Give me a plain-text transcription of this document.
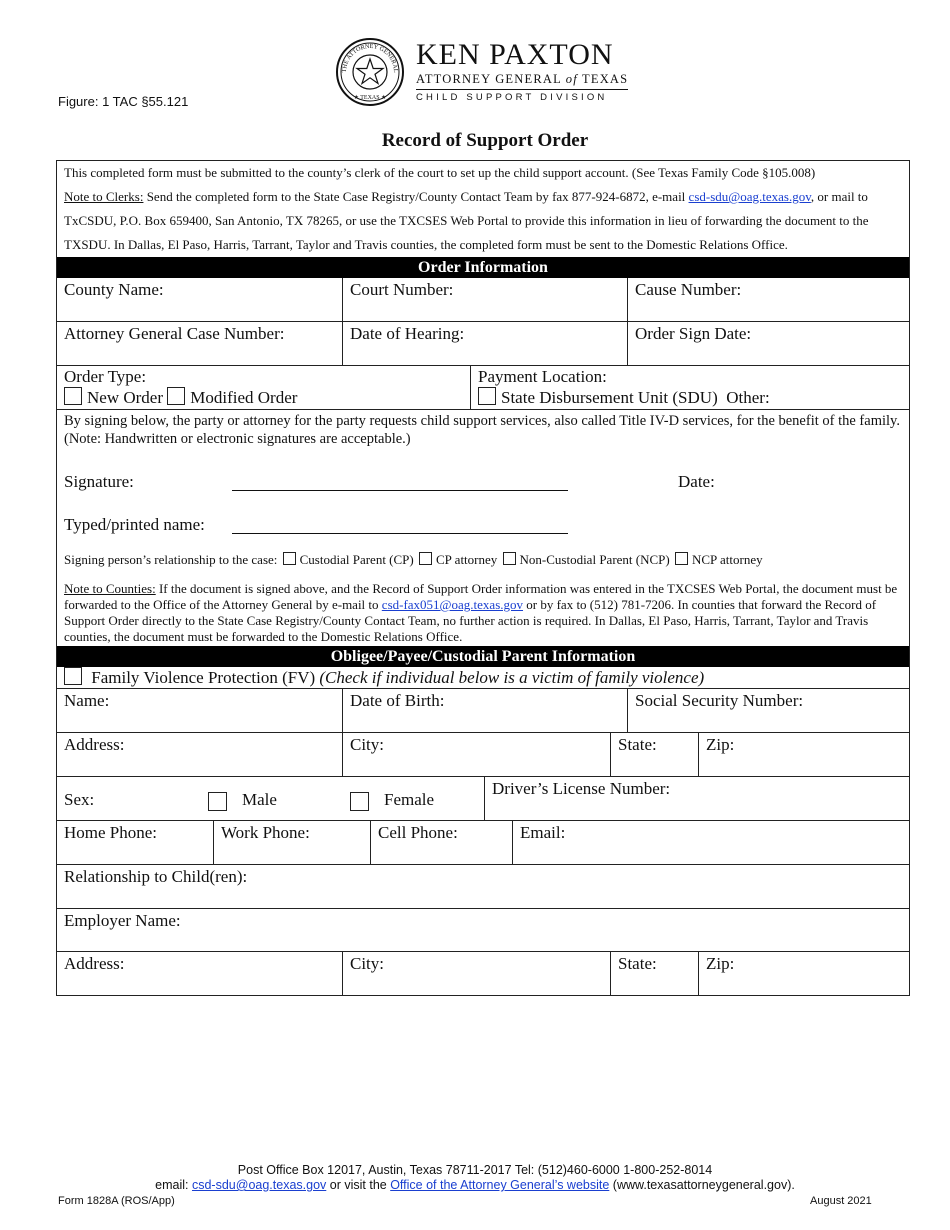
Figure: 1 TAC §55.121
THE ATTORNEY GENERAL
★ TEXAS ★
KEN PAXTON
ATTORNEY GENERAL of TEXAS
CHILD SUPPORT DIVISION
Record of Support Order
This completed form must be submitted to the county’s clerk of the court to set up the child support account. (See Texas Family Code §105.008)
Note to Clerks: Send the completed form to the State Case Registry/County Contact Team by fax 877-924-6872, e-mail csd-sdu@oag.texas.gov, or mail to TxCSDU, P.O. Box 659400, San Antonio, TX 78265, or use the TXCSES Web Portal to provide this information in lieu of forwarding the document to the TXSDU. In Dallas, El Paso, Harris, Tarrant, Taylor and Travis counties, the completed form must be sent to the Domestic Relations Office.
Order Information
County Name:	Court Number:	Cause Number:
Attorney General Case Number:	Date of Hearing:	Order Sign Date:
Order Type:
New Order Modified Order
Payment Location:
State Disbursement Unit (SDU) Other:
By signing below, the party or attorney for the party requests child support services, also called Title IV-D services, for the benefit of the family. (Note: Handwritten or electronic signatures are acceptable.)
Signature:	Date:
Typed/printed name:
Signing person’s relationship to the case: Custodial Parent (CP) CP attorney Non-Custodial Parent (NCP) NCP attorney
Note to Counties: If the document is signed above, and the Record of Support Order information was entered in the TXCSES Web Portal, the document must be forwarded to the Office of the Attorney General by e-mail to csd-fax051@oag.texas.gov or by fax to (512) 781-7206. In counties that forward the Record of Support Order directly to the State Case Registry/County Contact Team, no further action is required. In Dallas, El Paso, Harris, Tarrant, Taylor and Travis counties, the document must be forwarded to the Domestic Relations Office.
Obligee/Payee/Custodial Parent Information
Family Violence Protection (FV) (Check if individual below is a victim of family violence)
Name:	Date of Birth:	Social Security Number:
Address:	City:	State:	Zip:
Sex:	Male	Female
Driver’s License Number:
Home Phone:	Work Phone:	Cell Phone:	Email:
Relationship to Child(ren):
Employer Name:
Address:	City:	State:	Zip:
Post Office Box 12017, Austin, Texas 78711-2017 Tel: (512)460-6000 1-800-252-8014
email: csd-sdu@oag.texas.gov or visit the Office of the Attorney General’s website (www.texasattorneygeneral.gov).
Form 1828A (ROS/App)	August 2021
